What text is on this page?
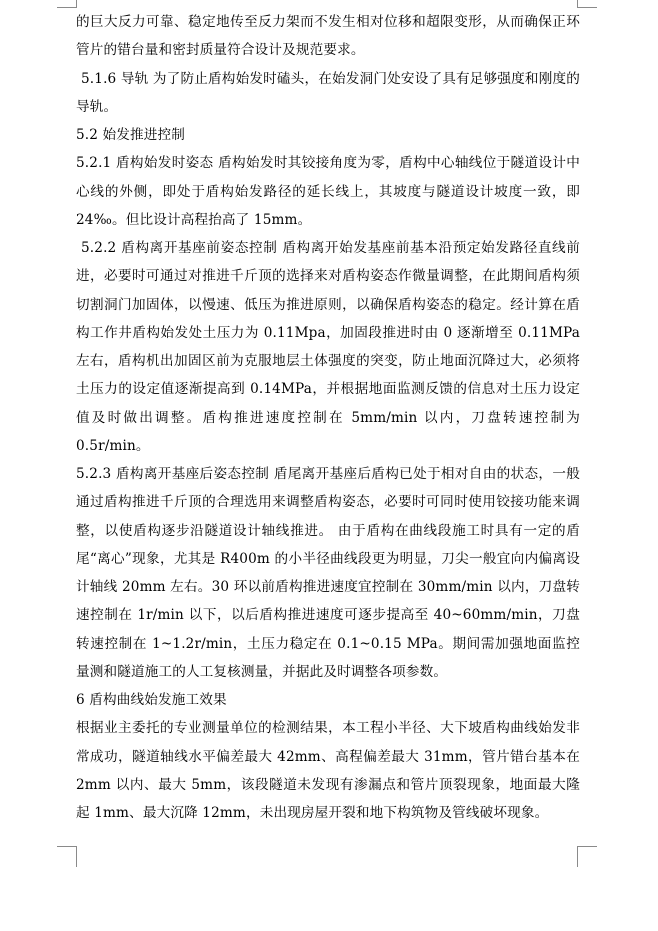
的巨大反力可靠、稳定地传至反力架而不发生相对位移和超限变形，从而确保正环管片的错台量和密封质量符合设计及规范要求。

5.1.6 导轨 为了防止盾构始发时磕头，在始发洞门处安设了具有足够强度和刚度的导轨。

5.2 始发推进控制

5.2.1 盾构始发时姿态 盾构始发时其铰接角度为零，盾构中心轴线位于隧道设计中心线的外侧，即处于盾构始发路径的延长线上，其坡度与隧道设计坡度一致，即 24‰。但比设计高程抬高了 15mm。

5.2.2 盾构离开基座前姿态控制 盾构离开始发基座前基本沿预定始发路径直线前进，必要时可通过对推进千斤顶的选择来对盾构姿态作微量调整，在此期间盾构须切割洞门加固体，以慢速、低压为推进原则，以确保盾构姿态的稳定。经计算在盾构工作井盾构始发处土压力为 0.11Mpa，加固段推进时由 0 逐渐增至 0.11MPa 左右，盾构机出加固区前为克服地层土体强度的突变，防止地面沉降过大，必须将土压力的设定值逐渐提高到 0.14MPa，并根据地面监测反馈的信息对土压力设定值及时做出调整。盾构推进速度控制在 5mm/min 以内，刀盘转速控制为 0.5r/min。

5.2.3 盾构离开基座后姿态控制 盾尾离开基座后盾构已处于相对自由的状态，一般通过盾构推进千斤顶的合理选用来调整盾构姿态，必要时可同时使用铰接功能来调整，以使盾构逐步沿隧道设计轴线推进。 由于盾构在曲线段施工时具有一定的盾尾“离心”现象，尤其是 R400m 的小半径曲线段更为明显，刀尖一般宜向内偏离设计轴线 20mm 左右。30 环以前盾构推进速度宜控制在 30mm/min 以内，刀盘转速控制在 1r/min 以下，以后盾构推进速度可逐步提高至 40~60mm/min，刀盘转速控制在 1~1.2r/min，土压力稳定在 0.1~0.15 MPa。期间需加强地面监控量测和隧道施工的人工复核测量，并据此及时调整各项参数。

6 盾构曲线始发施工效果

根据业主委托的专业测量单位的检测结果，本工程小半径、大下坡盾构曲线始发非常成功，隧道轴线水平偏差最大 42mm、高程偏差最大 31mm，管片错台基本在 2mm 以内、最大 5mm，该段隧道未发现有渗漏点和管片顶裂现象，地面最大隆起 1mm、最大沉降 12mm，未出现房屋开裂和地下构筑物及管线破坏现象。
